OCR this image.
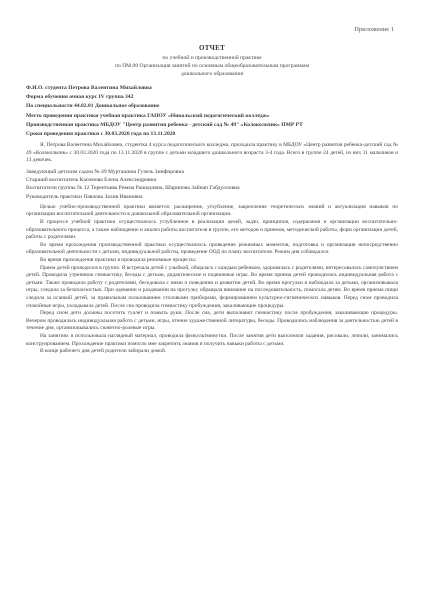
Приложение 1
ОТЧЕТ
по учебной и производственной практике
по ПМ.00 Организация занятий по основным общеобразовательным программам
дошкольного образования
Ф.И.О. студента Петрова Валентина Михайловна
Форма обучения очная курс IV группа 342
По специальности 44.02.01 Дошкольное образование
Место проведения практики учебная практика ГАПОУ «Никольский педагогический колледж»
Производственная практика МБДОУ "Центр развития ребенка - детский сад № 49" «Колокольчик» ПМР РТ
Сроки проведения практики с 30.03.2020 года по 13.11.2020

Я, Петрова Валентина Михайловна, студентка 4 курса педагогического колледжа, проходила практику в МБДОУ «Центр развития ребенка-детский сад № 49 «Колокольчик» с 30.03.2020 года по 13.11.2020 в группе с детьми младшего дошкольного возраста 3-4 года. Всего в группе 24 детей, из них 11 мальчиков и 13 девочек.

Заведующий детским садом № 49 Мурташина Гузель Зинфировна
Старший воспитатель Касимова Елена Александровна
Воспитатели группы № 12 Терентьева Римма Рашидовна, Шарипова Зайнап Габдулловна
Руководитель практики Павлова Залия Ивановна

Целью учебно-производственной практики является: расширение, углубление, закрепление теоретических знаний и актуализация навыков по организации воспитательной деятельности в дошкольной образовательной организации.

В процессе учебной практики осуществлялось углубленное в реализации целей, задач, принципов, содержания и организации воспитательно-образовательного процесса, а также наблюдение и анализ работы воспитателя в группе, его методов и приемов, методической работы, форм организации детей, работы с родителями.

Во время прохождения производственной практики осуществлялось проведение режимных моментов, подготовка и организация непосредственно образовательной деятельности с детьми, индивидуальной работы, проведение ООД по плану воспитателя. Режим дня соблюдался.

Во время прохождения практики я проводила режимные процессы:

Прием детей проводился в группе. Я встречала детей с улыбкой, общалась с каждым ребенком, здоровалась с родителями, интересовалась самочувствием детей. Проводила утреннюю гимнастику, беседы с детьми, дидактические и подвижные игры. Во время приема детей проводилась индивидуальная работа с детьми. Также проводила работу с родителями, беседовала с ними о поведении и развитии детей. Во время прогулки я наблюдала за детьми, организовывала игры, следила за безопасностью. При одевании и раздевании на прогулку обращала внимание на последовательность, помогала детям. Во время приема пищи следила за осанкой детей, за правильным пользованием столовыми приборами, формированием культурно-гигиенических навыков. Перед сном проводила спокойные игры, укладывала детей. После сна проводила гимнастику пробуждения, закаливающие процедуры.

Перед сном дети должны посетить туалет и помыть руки. После сна, дети выполняют гимнастику после пробуждения, закаливающие процедуры. Вечером проводилась индивидуальная работа с детьми, игры, чтение художественной литературы, беседы. Проводились наблюдения за деятельностью детей в течение дня, организовывались сюжетно-ролевые игры.

На занятиях я использовала наглядный материал, проводила физкультминутки. После занятия дети выполняли задания, рисовали, лепили, занимались конструированием. Прохождение практики помогло мне закрепить знания и получить навыки работы с детьми.

В конце рабочего дня детей родители забирали домой.
